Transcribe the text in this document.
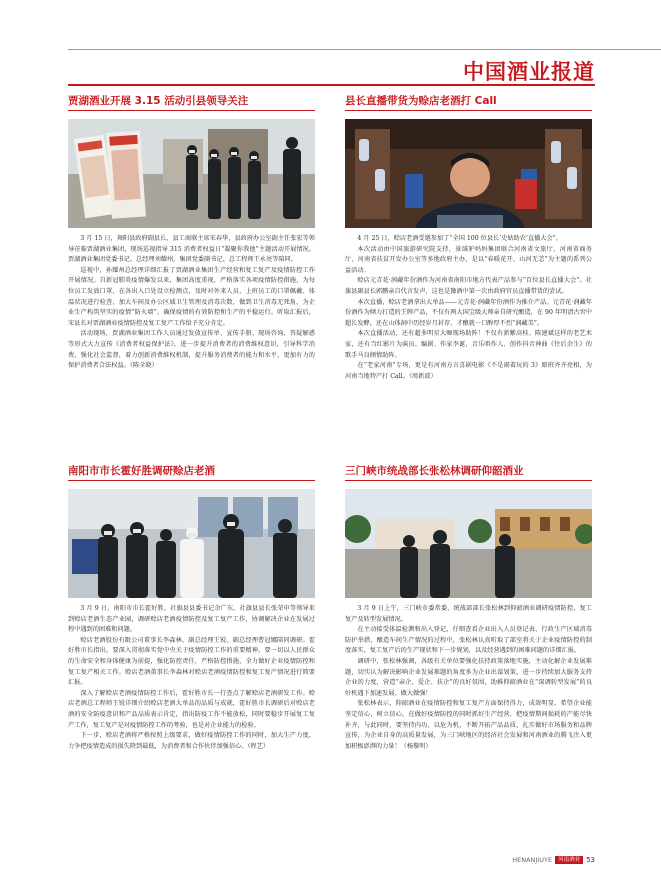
中国酒业报道
贾湖酒业开展 3.15 活动引县领导关注

3 月 15 日，舞阳县政府副县长、县工商联主席宋春华，县政府办公室副主任张宏等领导莅临贾湖酒业集团，现场巡视指导 315 消费者权益日“凝聚你我他”主题活动开展情况。贾湖酒业集团党委书记、总经理刘耀州，集团党委副书记、总工程师王永亮等陪同。

巡视中，孙耀州总经理详细汇报了贾湖酒业集团生产经营和复工复产及疫情防控工作开展情况。自新冠肺炎疫情爆发以来，集团高度重视，严格落实各项疫情防控措施，为每位员工发放口罩，在各出入口处设立检测点，及时对外来人员、上班员工的口罩佩戴、体温状况进行检查，加大车间及办公区域卫生管理及消毒次数，做到卫生消毒无死角，为企业生产构筑坚实的疫情“防火墙”，确保疫情的有效防控和生产的平稳运行。听取汇报后，宋县长对贾湖酒业疫情防控及复工复产工作给予充分肯定。

活动现场，贾湖酒业集团工作人员通过发放宣传单、宣传手册、现场咨询、答疑解惑等形式大力宣传《消费者权益保护法》，进一步提升消费者的消费维权意识，引导科学消费，强化社会监督，着力创新消费维权机制，提升服务消费者的能力和水平，更加有力的保护消费者合法权益。（陈全晓）

县长直播带货为赊店老酒打 Call

4 月 25 日，赊店老酒受邀参加了“全国 100 位县长‘史姑助农’直播大会”。

本次活动由中国旅游研究院支持，景域驴妈妈集团联合河南省文旅厅、河南省商务厅、河南省扶贫开发办公室等多地政府主办，是以“春暖花开，山河无恙”为主题的系列公益活动。

赊店元青花·润藏年份酒作为河南省南阳市地方代表产品参与“百位县长直播大会”。社旗县副县长郭鹏亲自代言发声，这也是豫酒中第一次由政府官员直播带货的尝试。

本次直播，赊店老酒拿出大单品——元青花·润藏年份酒作为推介产品。元青花·润藏年份酒作为倾力打造的王牌产品，不仅有两大国宝级大师亲自研究酿造，在 90 年明清古窖中超长发酵，还在山体洞中历经岁月封存，才酿就一口醇厚不烈“润藏美”。

本次直播活动，还有超多明星大咖现场助阵！不仅有新紫高桂、陈建斌这样的老艺术家，还有当红影片为演员、编剧、作家李诞，音乐唱作人、创作抖音神曲《往后余生》的歌手马良倾情助阵。

在“老家河南”专场，更是有河南方言喜剧电影《不是闹着玩的 3》原班齐齐亮相，为河南当地特产打 Call。（周新波）

南阳市市长霍好胜调研赊店老酒

3 月 9 日，南阳市市长霍好胜、社旗县县委书记余广东、社旗县县长张荣申等领导来到赊店老酒生态产业园，调研赊店老酒疫情防控及复工复产工作，协调解决企业在发展过程中遇到的困难和问题。

赊店老酒股份有限公司董事长李森林、副总经理王锐、副总经理曹冠娜陪同调研。霍好胜市长指出，要深入贯彻落实党中央关于疫情防控工作的重要精神，要一切以人民群众的生命安全和身体健康为前提，强化防控责任，严格防控措施，全力做好企业疫情防控和复工复产相关工作。赊店老酒董事长李森林对赊店老酒疫情防控和复工复产情况进行简要汇报。

深入了解赊店老酒疫情防控工作后，霍好胜市长一行查点了解赊店老酒研发工作。赊店老酒总工程师王锐详细介绍赊店老酒大单品的品质与成就，霍好胜市长调研后对赊店老酒的安全防疫意识和产品品质表示肯定，指出防疫工作不能放松，同时要稳步开展复工复产工作，复工复产是对疫情防控工作的考验，也是对企业能力的检验。

下一步，赊店老酒将严格按照上级要求，做好疫情防控工作的同时，加大生产力度，力争把疫情造成的损失降到最低，为消费者和合作伙伴加强信心。（程艺）

三门峡市统战部长张松林调研仰韶酒业

3 月 9 日上午，三门峡市委常委、统战部部长张松林到仰韶酒业调研疫情防控、复工复产及转型发展情况。

在主动接受体温检测和出入登记，仔细查看企业出入人员登记表、行政生产区域消毒防护举措、酿造车间生产情况的过程中，张松林认真听取了部室将关于企业疫情防控的制度落实、复工复产后的生产现状和下一步规划，以及经营遇到的困难问题的详细汇报。

调研中，张松林强调，各级有关单位要强化扶持政策落地实施，主动化解企业发展难题，切实认为解决影响企业发展难题的角度多为企业出谋划策，进一步持续加大服务支持企业的力度，营造“亲企、爱企、扶企”的良好氛围，助推仰韶酒业在“深调转型发展”的良好机遇下加速发展、做大做强！

张松林表示，仰韶酒业在疫情防控和复工复产方面保持得力，成效明显，希望企业能坚定信心，树立信心，在做好疫情防控的同时抓好生产经营，把疫情期间损耗的产能尽快补齐，与此同时，要坚持内功、以危为机，不断开拓产品品质，扎实做好市场服务和品牌宣传，为企业自身的高质量发展，为三门峡地区的经济社会发展和河南酒业的腾飞注入更加积极澎湃的力量！（杨黎明）

HENANJIUYE	河南酒业 53
